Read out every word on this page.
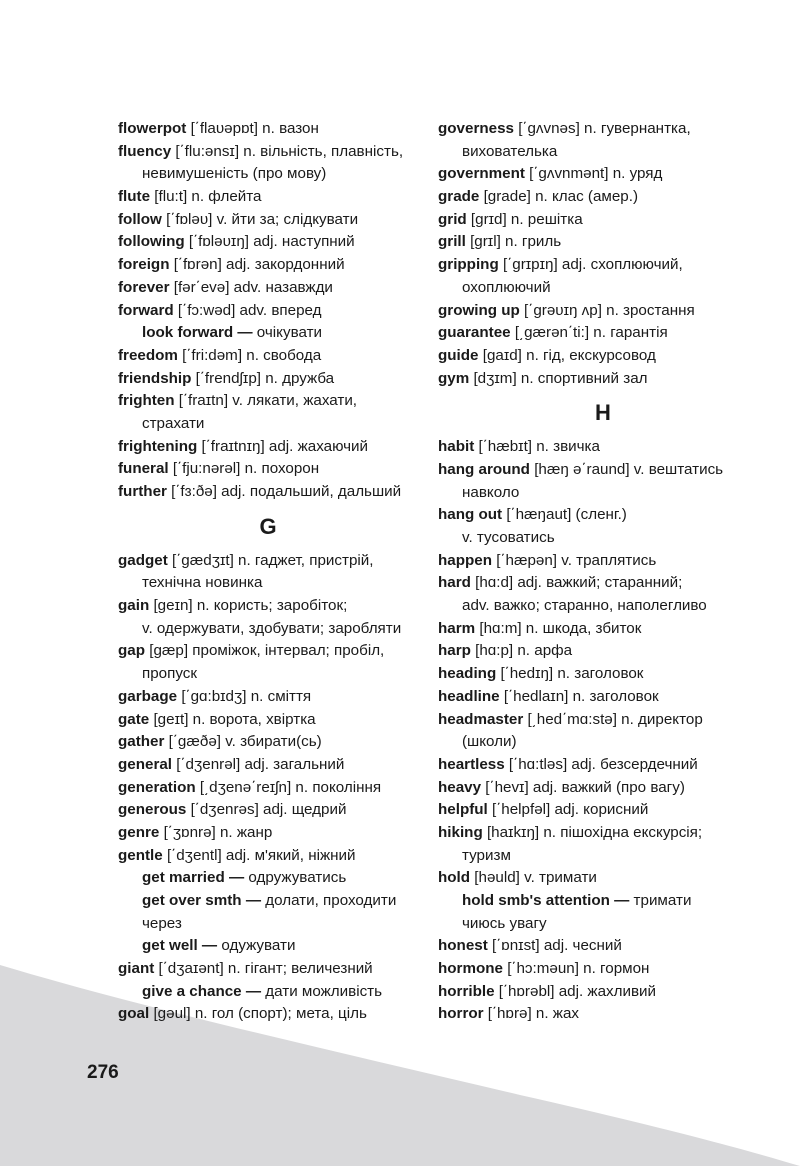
flowerpot [΄flaυǝpɒt] n. вазон
fluency [΄flu:ǝnsɪ] n. вільність, плавність,
невимушеність (про мову)
flute [flu:t] n. флейта
follow [΄fɒlǝυ] v. йти за; слідкувати
following [΄fɒlǝυɪŋ] adj. наступний
foreign [΄fɒrǝn] adj. закордонний
forever [fǝr΄evǝ] adv. назавжди
forward [΄fɔ:wǝd] adv. вперед
look forward — очікувати
freedom [΄fri:dǝm] n. свобода
friendship [΄frendʃɪp] n. дружба
frighten [΄fraɪtn] v. лякати, жахати,
страхати
frightening [΄fraɪtnɪŋ] adj. жахаючий
funeral [΄fju:nǝrǝl] n. похорон
further [΄fɜ:ðǝ] adj. подальший, дальший
G
gadget [΄gædʒɪt] n. гаджет, пристрій,
технічна новинка
gain [geɪn] n. користь; заробіток;
v. одержувати, здобувати; заробляти
gap [gæp] проміжок, інтервал; пробіл,
пропуск
garbage [΄gɑ:bɪdʒ] n. сміття
gate [geɪt] n. ворота, хвіртка
gather [΄gæðǝ] v. збирати(сь)
general [΄dʒenrǝl] adj. загальний
generation [͵dʒenǝ΄reɪʃn] n. покоління
generous [΄dʒenrǝs] adj. щедрий
genre [΄ʒɒnrǝ] n. жанр
gentle [΄dʒentl] adj. м'який, ніжний
get married — одружуватись
get over smth — долати, проходити
через
get well — одужувати
giant [΄dʒaɪǝnt] n. гігант; величезний
give a chance — дати можливість
goal [gǝul] n. гол (спорт); мета, ціль
governess [΄gʌvnǝs] n. гувернантка,
вихователька
government [΄gʌvnmǝnt] n. уряд
grade [grade] n. клас (амер.)
grid [grɪd] n. решітка
grill [grɪl] n. гриль
gripping [΄grɪpɪŋ] adj. схоплюючий,
охоплюючий
growing up [΄grǝυɪŋ ʌp] n. зростання
guarantee [͵gærǝn΄ti:] n. гарантія
guide [gaɪd] n. гід, екскурсовод
gym [dʒɪm] n. спортивний зал
H
habit [΄hæbɪt] n. звичка
hang around [hæŋ ǝ΄raund] v. вештатись
навколо
hang out [΄hæŋaut] (сленг.)
v. тусоватись
happen [΄hæpǝn] v. траплятись
hard [hɑ:d] adj. важкий; старанний;
adv. важко; старанно, наполегливо
harm [hɑ:m] n. шкода, збиток
harp [hɑ:p] n. арфа
heading [΄hedɪŋ] n. заголовок
headline [΄hedlaɪn] n. заголовок
headmaster [͵hed΄mɑ:stǝ] n. директор
(школи)
heartless [΄hɑ:tlǝs] adj. безсердечний
heavy [΄hevɪ] adj. важкий (про вагу)
helpful [΄helpfǝl] adj. корисний
hiking [haɪkɪŋ] n. пішохідна екскурсія;
туризм
hold [hǝuld] v. тримати
hold smb's attention — тримати
чиюсь увагу
honest [΄ɒnɪst] adj. чесний
hormone [΄hɔ:mǝun] n. гормон
horrible [΄hɒrǝbl] adj. жахливий
horror [΄hɒrǝ] n. жах
276
